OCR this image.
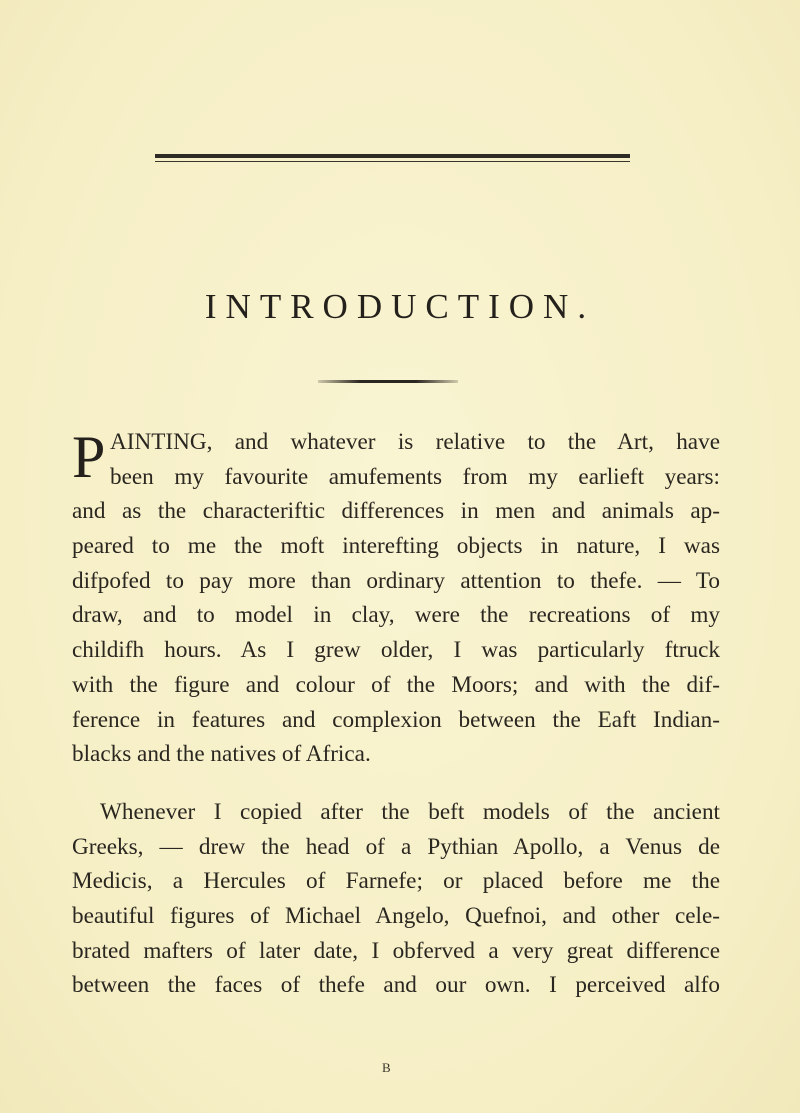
INTRODUCTION.
P AINTING, and whatever is relative to the Art, have
been my favourite amufements from my earlieft years:
and as the characteriftic differences in men and animals ap-
peared to me the moft interefting objects in nature, I was
difpofed to pay more than ordinary attention to thefe. — To
draw, and to model in clay, were the recreations of my
childifh hours. As I grew older, I was particularly ftruck
with the figure and colour of the Moors; and with the dif-
ference in features and complexion between the Eaft Indian-
blacks and the natives of Africa.
Whenever I copied after the beft models of the ancient
Greeks, — drew the head of a Pythian Apollo, a Venus de
Medicis, a Hercules of Farnefe; or placed before me the
beautiful figures of Michael Angelo, Quefnoi, and other cele-
brated mafters of later date, I obferved a very great difference
between the faces of thefe and our own. I perceived alfo
B
